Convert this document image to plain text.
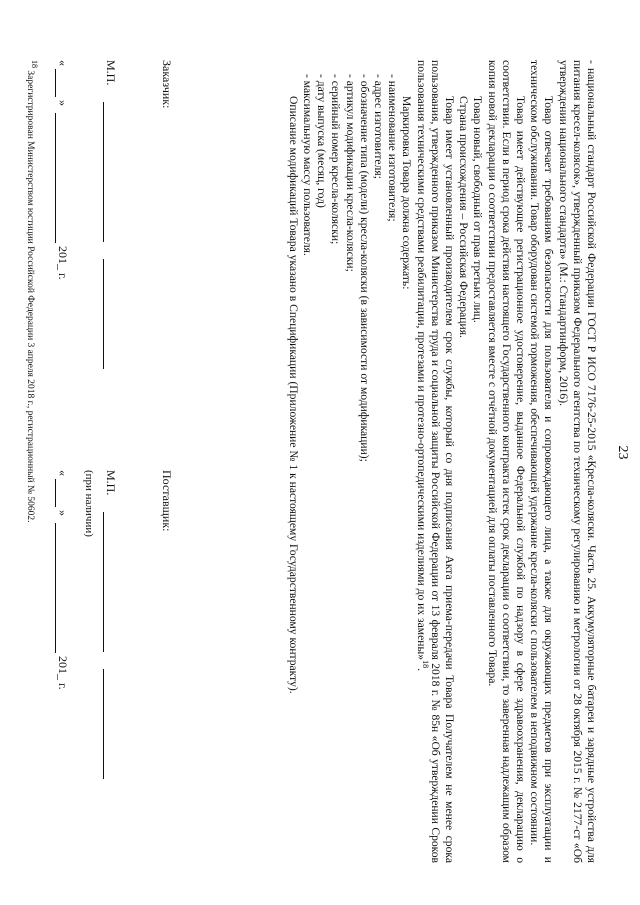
23

- национальный стандарт Российской Федерации ГОСТ Р ИСО 7176-25-2015 «Кресла-коляски. Часть 25. Аккумуляторные батареи и зарядные устройства для питания кресел-колясок», утвержденный приказом Федерального агентства по техническому регулированию и метрологии от 28 октября 2015 г. № 2177-ст «Об утверждении национального стандарта» (М.: Стандартинформ, 2016).

Товар отвечает требованиям безопасности для пользователя и сопровождающего лица, а также для окружающих предметов при эксплуатации и техническом обслуживании. Товар оборудован системой торможения, обеспечивающей удержание кресла-коляски с пользователем в неподвижном состоянии.

Товар имеет действующее регистрационное удостоверение, выданное Федеральной службой по надзору в сфере здравоохранения, декларацию о соответствии. Если в период срока действия настоящего Государственного контракта истек срок декларации о соответствии, то заверенная надлежащим образом копия новой декларации о соответствии предоставляется вместе с отчётной документацией для оплаты поставленного Товара.

Товар новый, свободный от прав третьих лиц.

Страна происхождения – Российская Федерация.

Товар имеет установленный производителем срок службы, который со дня подписания Акта приема-передачи Товара Получателем не менее срока пользования, утвержденного приказом Министерства труда и социальной защиты Российской Федерации от 13 февраля 2018 г. № 85н «Об утверждении Сроков пользования техническими средствами реабилитации, протезами и протезно-ортопедическими изделиями до их замены»$^{18}$.

Маркировка Товара должна содержать:

- наименование изготовителя;

- адрес изготовителя;

- обозначение типа (модели) кресла-коляски (в зависимости от модификации);

- артикул модификации кресла-коляски;

- серийный номер кресла-коляски;

- дату выпуска (месяц, год)

- максимальную массу пользователя.

Описание модификаций Товара указано в Спецификации (Приложение № 1 к настоящему Государственному контракту).

Заказчик:
Поставщик:
М.П.
М.П.
(при наличии)
«  »  201_ г.
«  »  201_ г.
$^{18}$ Зарегистрирован Министерством юстиции Российской Федерации 3 апреля 2018 г., регистрационный № 50602.
